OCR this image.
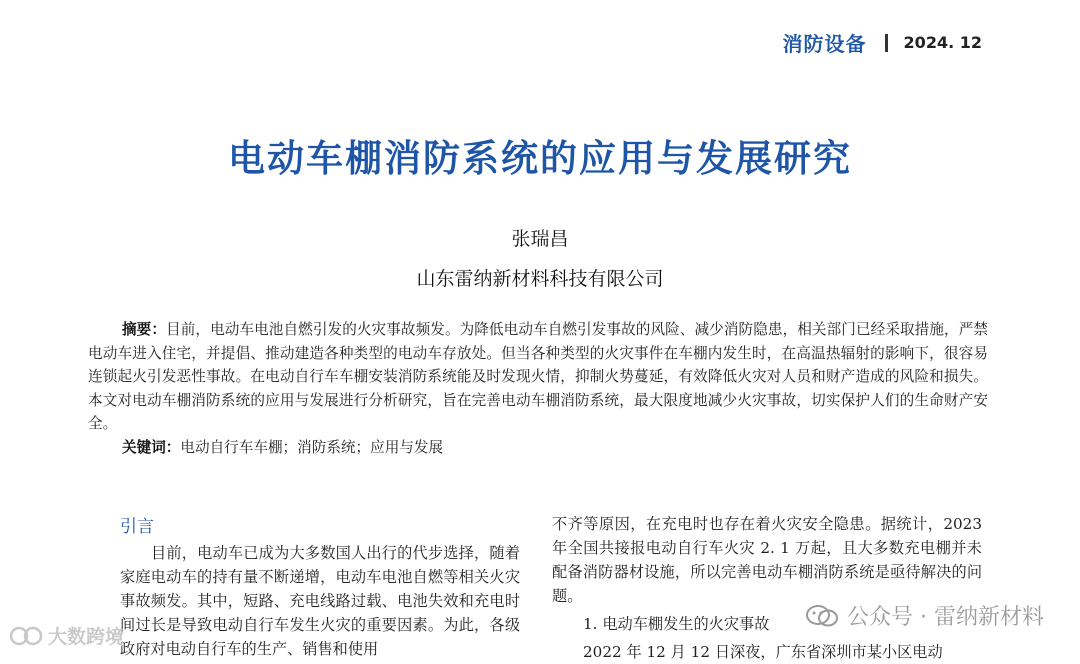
消防设备 2024. 12
电动车棚消防系统的应用与发展研究
张瑞昌
山东雷纳新材料科技有限公司
摘要：目前，电动车电池自燃引发的火灾事故频发。为降低电动车自燃引发事故的风险、减少消防隐患，相关部门已经采取措施，严禁电动车进入住宅，并提倡、推动建造各种类型的电动车存放处。但当各种类型的火灾事件在车棚内发生时，在高温热辐射的影响下，很容易连锁起火引发恶性事故。在电动自行车车棚安装消防系统能及时发现火情，抑制火势蔓延，有效降低火灾对人员和财产造成的风险和损失。本文对电动车棚消防系统的应用与发展进行分析研究，旨在完善电动车棚消防系统，最大限度地减少火灾事故，切实保护人们的生命财产安全。
关键词：电动自行车车棚；消防系统；应用与发展
引言
目前，电动车已成为大多数国人出行的代步选择，随着家庭电动车的持有量不断递增，电动车电池自燃等相关火灾事故频发。其中，短路、充电线路过载、电池失效和充电时间过长是导致电动自行车发生火灾的重要因素。为此，各级政府对电动自行车的生产、销售和使用
不齐等原因，在充电时也存在着火灾安全隐患。据统计，2023 年全国共接报电动自行车火灾 2. 1 万起，且大多数充电棚并未配备消防器材设施，所以完善电动车棚消防系统是亟待解决的问题。
1. 电动车棚发生的火灾事故
2022 年 12 月 12 日深夜，广东省深圳市某小区电动
公众号 · 雷纳新材料
大数跨境
